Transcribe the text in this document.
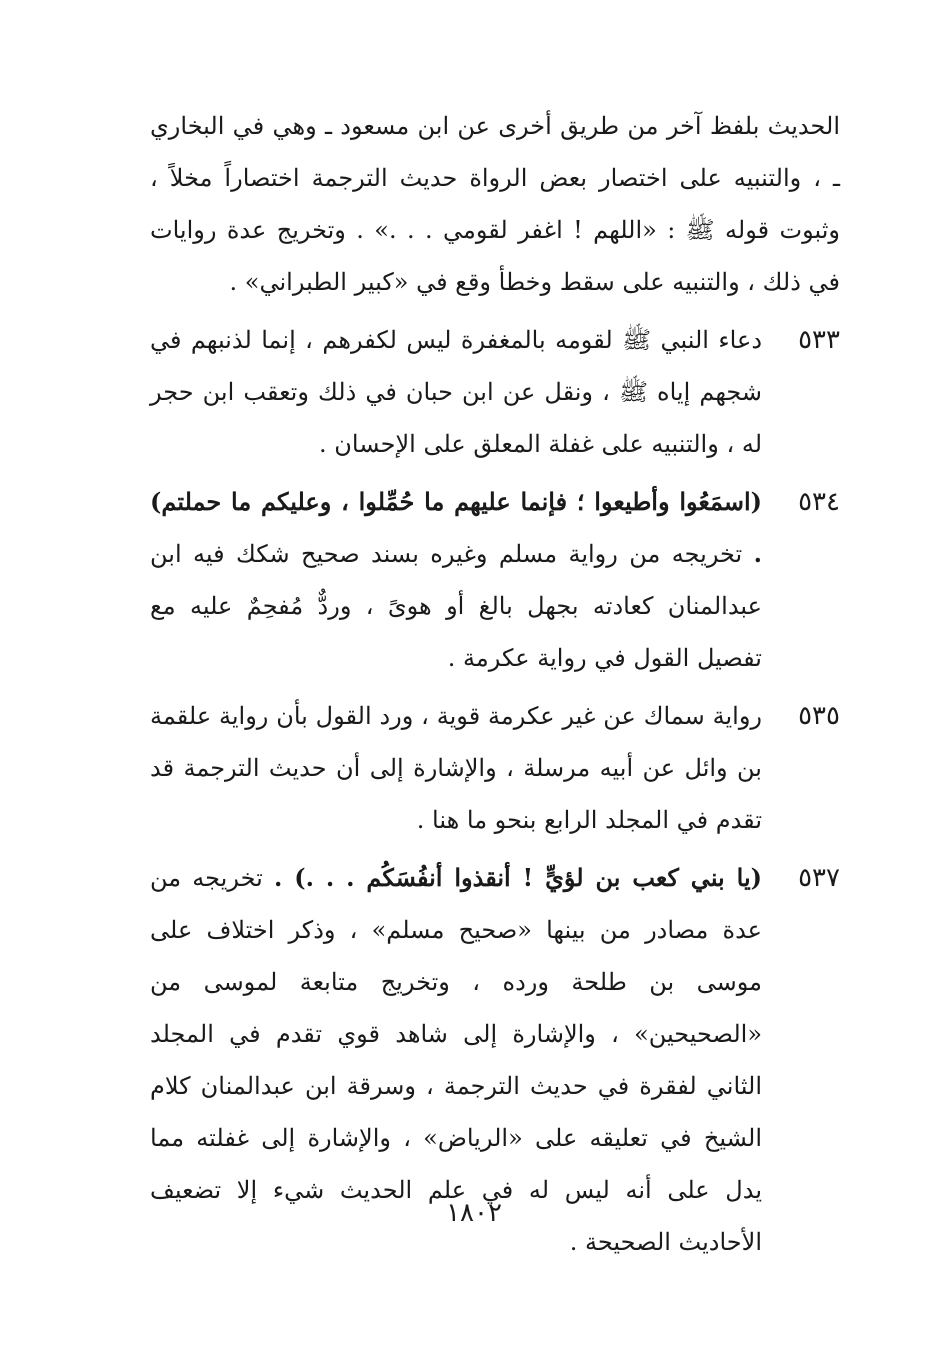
الحديث بلفظ آخر من طريق أخرى عن ابن مسعود ـ وهي في البخاري ـ ، والتنبيه على اختصار بعض الرواة حديث الترجمة اختصاراً مخلاً ، وثبوت قوله ﷺ : «اللهم ! اغفر لقومي . . .» . وتخريج عدة روايات في ذلك ، والتنبيه على سقط وخطأ وقع في «كبير الطبراني» .

٥٣٣

دعاء النبي ﷺ لقومه بالمغفرة ليس لكفرهم ، إنما لذنبهم في شجهم إياه ﷺ ، ونقل عن ابن حبان في ذلك وتعقب ابن حجر له ، والتنبيه على غفلة المعلق على الإحسان .

٥٣٤

(اسمَعُوا وأطيعوا ؛ فإنما عليهم ما حُمِّلوا ، وعليكم ما حملتم) . تخريجه من رواية مسلم وغيره بسند صحيح شكك فيه ابن عبدالمنان كعادته بجهل بالغ أو هوىً ، وردٌّ مُفحِمٌ عليه مع تفصيل القول في رواية عكرمة .

٥٣٥

رواية سماك عن غير عكرمة قوية ، ورد القول بأن رواية علقمة بن وائل عن أبيه مرسلة ، والإشارة إلى أن حديث الترجمة قد تقدم في المجلد الرابع بنحو ما هنا .

٥٣٧

(يا بني كعب بن لؤيٍّ ! أنقذوا أنفُسَكُم . . .) . تخريجه من عدة مصادر من بينها «صحيح مسلم» ، وذكر اختلاف على موسى بن طلحة ورده ، وتخريج متابعة لموسى من «الصحيحين» ، والإشارة إلى شاهد قوي تقدم في المجلد الثاني لفقرة في حديث الترجمة ، وسرقة ابن عبدالمنان كلام الشيخ في تعليقه على «الرياض» ، والإشارة إلى غفلته مما يدل على أنه ليس له في علم الحديث شيء إلا تضعيف الأحاديث الصحيحة .

١٨٠٢
